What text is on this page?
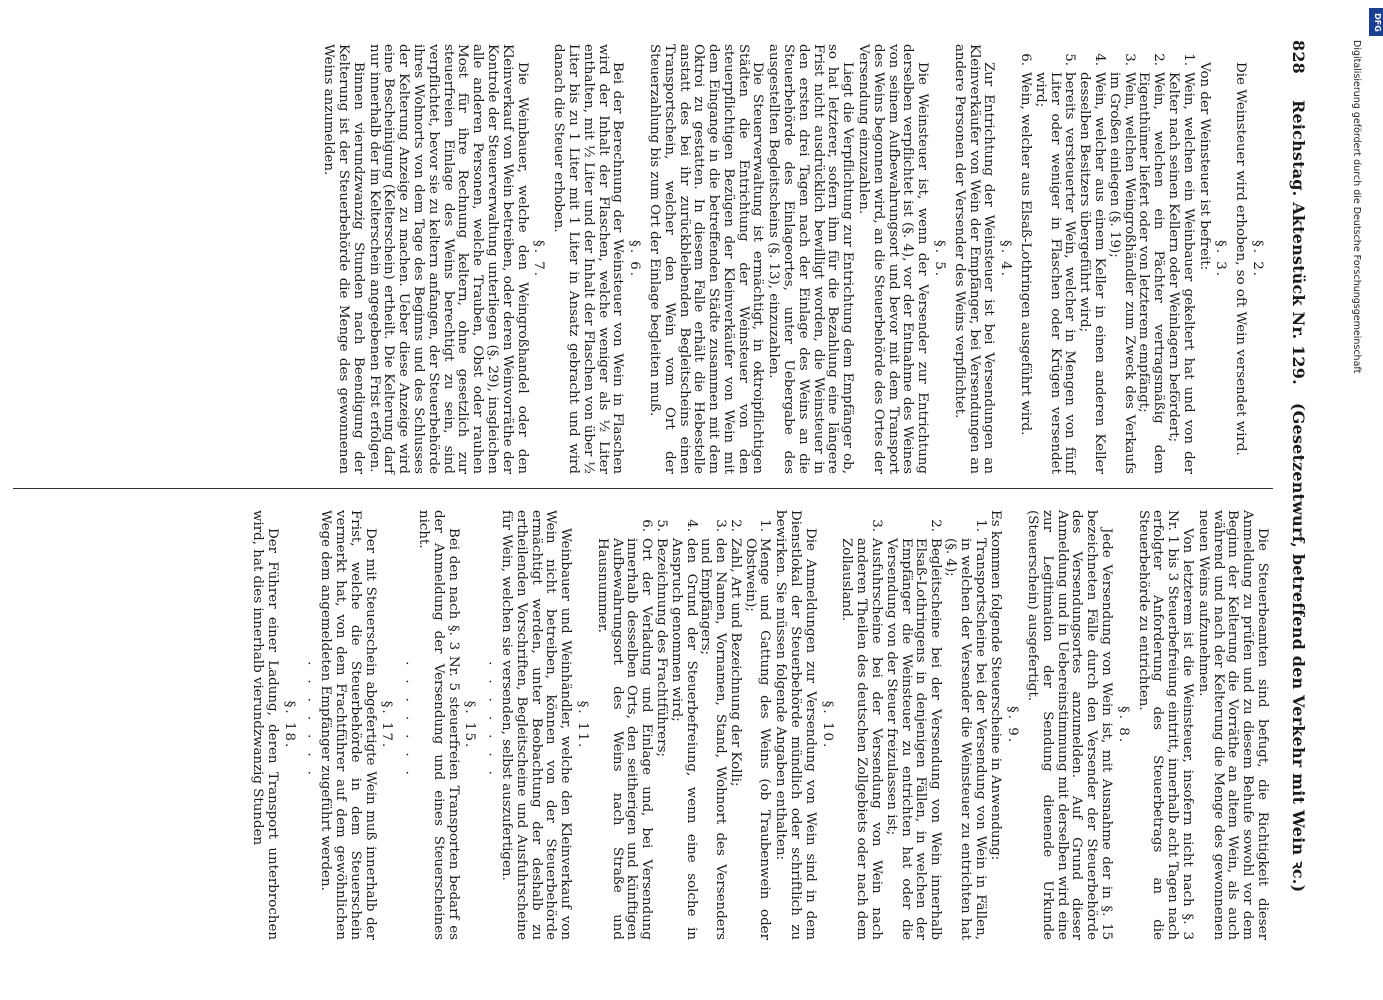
828
Reichstag. Aktenstück Nr. 129.
(Gesetzentwurf, betreffend den Verkehr mit Wein ꝛc.)

§. 2.

Die Weinsteuer wird erhoben, so oft Wein versendet wird.

§. 3.

Von der Weinsteuer ist befreit:

1.
Wein, welchen ein Weinbauer gekeltert hat und von der Kelter nach seinen Kellern oder Weinlagern befördert;
2.
Wein, welchen ein Pächter vertragsmäßig dem Eigenthümer liefert oder von letzterem empfängt;
3.
Wein, welchen Weingroßhändler zum Zweck des Verkaufs im Großen einlegen (§. 19);
4.
Wein, welcher aus einem Keller in einen anderen Keller desselben Besitzers übergeführt wird;
5.
bereits versteuerter Wein, welcher in Mengen von fünf Liter oder weniger in Flaschen oder Krügen versendet wird;
6.
Wein, welcher aus Elsaß-Lothringen ausgeführt wird.

§. 4.

Zur Entrichtung der Weinsteuer ist bei Versendungen an Kleinverkäufer von Wein der Empfänger, bei Versendungen an andere Personen der Versender des Weins verpflichtet.

§. 5.

Die Weinsteuer ist, wenn der Versender zur Entrichtung derselben verpflichtet ist (§. 4), vor der Entnahme des Weines von seinem Aufbewahrungsort und bevor mit dem Transport des Weins begonnen wird, an die Steuerbehörde des Ortes der Versendung einzuzahlen.

Liegt die Verpflichtung zur Entrichtung dem Empfänger ob, so hat letzterer, sofern ihm für die Bezahlung eine längere Frist nicht ausdrücklich bewilligt worden, die Weinsteuer in den ersten drei Tagen nach der Einlage des Weins an die Steuerbehörde des Einlageortes, unter Uebergabe des ausgestellten Begleitscheins (§. 13), einzuzahlen.

Die Steuerverwaltung ist ermächtigt, in oktroipflichtigen Städten die Entrichtung der Weinsteuer von den steuerpflichtigen Bezügen der Kleinverkäufer von Wein mit dem Eingange in die betreffenden Städte zusammen mit dem Oktroi zu gestatten. In diesem Falle erhält die Hebestelle anstatt des bei ihr zurückbleibenden Begleitscheins einen Transportschein, welcher den Wein vom Ort der Steuerzahlung bis zum Ort der Einlage begleiten muß.

§. 6.

Bei der Berechnung der Weinsteuer von Wein in Flaschen wird der Inhalt der Flaschen, welche weniger als ½ Liter enthalten, mit ½ Liter und der Inhalt der Flaschen von über ½ Liter bis zu 1 Liter mit 1 Liter in Ansatz gebracht und wird danach die Steuer erhoben.

§. 7.

Die Weinbauer, welche den Weingroßhandel oder den Kleinverkauf von Wein betreiben, oder deren Weinvorräthe der Kontrole der Steuerverwaltung unterliegen (§. 29), insgleichen alle anderen Personen, welche Trauben, Obst oder rauhen Most für ihre Rechnung keltern, ohne gesetzlich zur steuerfreien Einlage des Weins berechtigt zu sein, sind verpflichtet, bevor sie zu keltern anfangen, der Steuerbehörde ihres Wohnorts von dem Tage des Beginns und des Schlusses der Kelterung Anzeige zu machen. Ueber diese Anzeige wird eine Bescheinigung (Kelterschein) ertheilt. Die Kelterung darf nur innerhalb der im Kelterschein angegebenen Frist erfolgen.

Binnen vierundzwanzig Stunden nach Beendigung der Kelterung ist der Steuerbehörde die Menge des gewonnenen Weins anzumelden.

Die Steuerbeamten sind befugt, die Richtigkeit dieser Anmeldung zu prüfen und zu diesem Behufe sowohl vor dem Beginn der Kelterung die Vorräthe an altem Wein, als auch während und nach der Kelterung die Menge des gewonnenen neuen Weins aufzunehmen.

Von letzterem ist die Weinsteuer, insofern nicht nach §. 3 Nr. 1 bis 3 Steuerbefreiung eintritt, innerhalb acht Tagen nach erfolgter Anforderung des Steuerbetrags an die Steuerbehörde zu entrichten.

§. 8.

Jede Versendung von Wein ist, mit Ausnahme der in §. 15 bezeichneten Fälle durch den Versender der Steuerbehörde des Versendungsortes anzumelden. Auf Grund dieser Anmeldung und in Uebereinstimmung mit derselben wird eine zur Legitimation der Sendung dienende Urkunde (Steuerschein) ausgefertigt.

§. 9.

Es kommen folgende Steuerscheine in Anwendung:

1.
Transportscheine bei der Versendung von Wein in Fällen, in welchen der Versender die Weinsteuer zu entrichten hat (§. 4);
2.
Begleitscheine bei der Versendung von Wein innerhalb Elsaß-Lothringens in denjenigen Fällen, in welchen der Empfänger die Weinsteuer zu entrichten hat oder die Versendung von der Steuer freizulassen ist;
3.
Ausfuhrscheine bei der Versendung von Wein nach anderen Theilen des deutschen Zollgebiets oder nach dem Zollausland.

§. 10.

Die Anmeldungen zur Versendung von Wein sind in dem Dienstlokal der Steuerbehörde mündlich oder schriftlich zu bewirken. Sie müssen folgende Angaben enthalten:

1.
Menge und Gattung des Weins (ob Traubenwein oder Obstwein);
2.
Zahl, Art und Bezeichnung der Kolli;
3.
den Namen, Vornamen, Stand, Wohnort des Versenders und Empfängers;
4.
den Grund der Steuerbefreiung, wenn eine solche in Anspruch genommen wird;
5.
Bezeichnung des Frachtführers;
6.
Ort der Verladung und Einlage und, bei Versendung innerhalb desselben Orts, den seitherigen und künftigen Aufbewahrungsort des Weins nach Straße und Hausnummer.

§. 11.

Weinbauer und Weinhändler, welche den Kleinverkauf von Wein nicht betreiben, können von der Steuerbehörde ermächtigt werden, unter Beobachtung der deshalb zu ertheilenden Vorschriften, Begleitscheine und Ausfuhrscheine für Wein, welchen sie versenden, selbst auszufertigen.

·······

§. 15.

Bei den nach §. 3 Nr. 5 steuerfreien Transporten bedarf es der Anmeldung der Versendung und eines Steuerscheines nicht.

·······

§. 17.

Der mit Steuerschein abgefertigte Wein muß innerhalb der Frist, welche die Steuerbehörde in dem Steuerschein vermerkt hat, von dem Frachtführer auf dem gewöhnlichen Wege dem angemeldeten Empfänger zugeführt werden.

·······

§. 18.

Der Führer einer Ladung, deren Transport unterbrochen wird, hat dies innerhalb vierundzwanzig Stunden

Digitalisierung gefördert durch die Deutsche Forschungsgemeinschaft
DFG
